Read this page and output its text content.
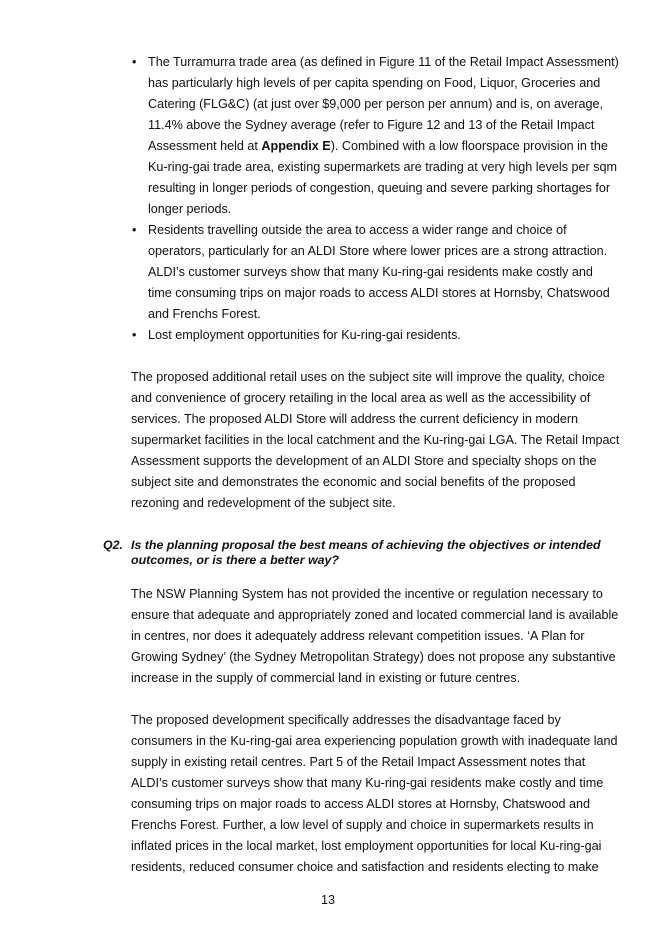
• The Turramurra trade area (as defined in Figure 11 of the Retail Impact Assessment) has particularly high levels of per capita spending on Food, Liquor, Groceries and Catering (FLG&C) (at just over $9,000 per person per annum) and is, on average, 11.4% above the Sydney average (refer to Figure 12 and 13 of the Retail Impact Assessment held at Appendix E). Combined with a low floorspace provision in the Ku-ring-gai trade area, existing supermarkets are trading at very high levels per sqm resulting in longer periods of congestion, queuing and severe parking shortages for longer periods.
• Residents travelling outside the area to access a wider range and choice of operators, particularly for an ALDI Store where lower prices are a strong attraction. ALDI’s customer surveys show that many Ku-ring-gai residents make costly and time consuming trips on major roads to access ALDI stores at Hornsby, Chatswood and Frenchs Forest.
• Lost employment opportunities for Ku-ring-gai residents.

The proposed additional retail uses on the subject site will improve the quality, choice and convenience of grocery retailing in the local area as well as the accessibility of services. The proposed ALDI Store will address the current deficiency in modern supermarket facilities in the local catchment and the Ku-ring-gai LGA. The Retail Impact Assessment supports the development of an ALDI Store and specialty shops on the subject site and demonstrates the economic and social benefits of the proposed rezoning and redevelopment of the subject site.

Q2. Is the planning proposal the best means of achieving the objectives or intended outcomes, or is there a better way?

The NSW Planning System has not provided the incentive or regulation necessary to ensure that adequate and appropriately zoned and located commercial land is available in centres, nor does it adequately address relevant competition issues. ‘A Plan for Growing Sydney’ (the Sydney Metropolitan Strategy) does not propose any substantive increase in the supply of commercial land in existing or future centres.

The proposed development specifically addresses the disadvantage faced by consumers in the Ku-ring-gai area experiencing population growth with inadequate land supply in existing retail centres. Part 5 of the Retail Impact Assessment notes that ALDI’s customer surveys show that many Ku-ring-gai residents make costly and time consuming trips on major roads to access ALDI stores at Hornsby, Chatswood and Frenchs Forest. Further, a low level of supply and choice in supermarkets results in inflated prices in the local market, lost employment opportunities for local Ku-ring-gai residents, reduced consumer choice and satisfaction and residents electing to make

13
